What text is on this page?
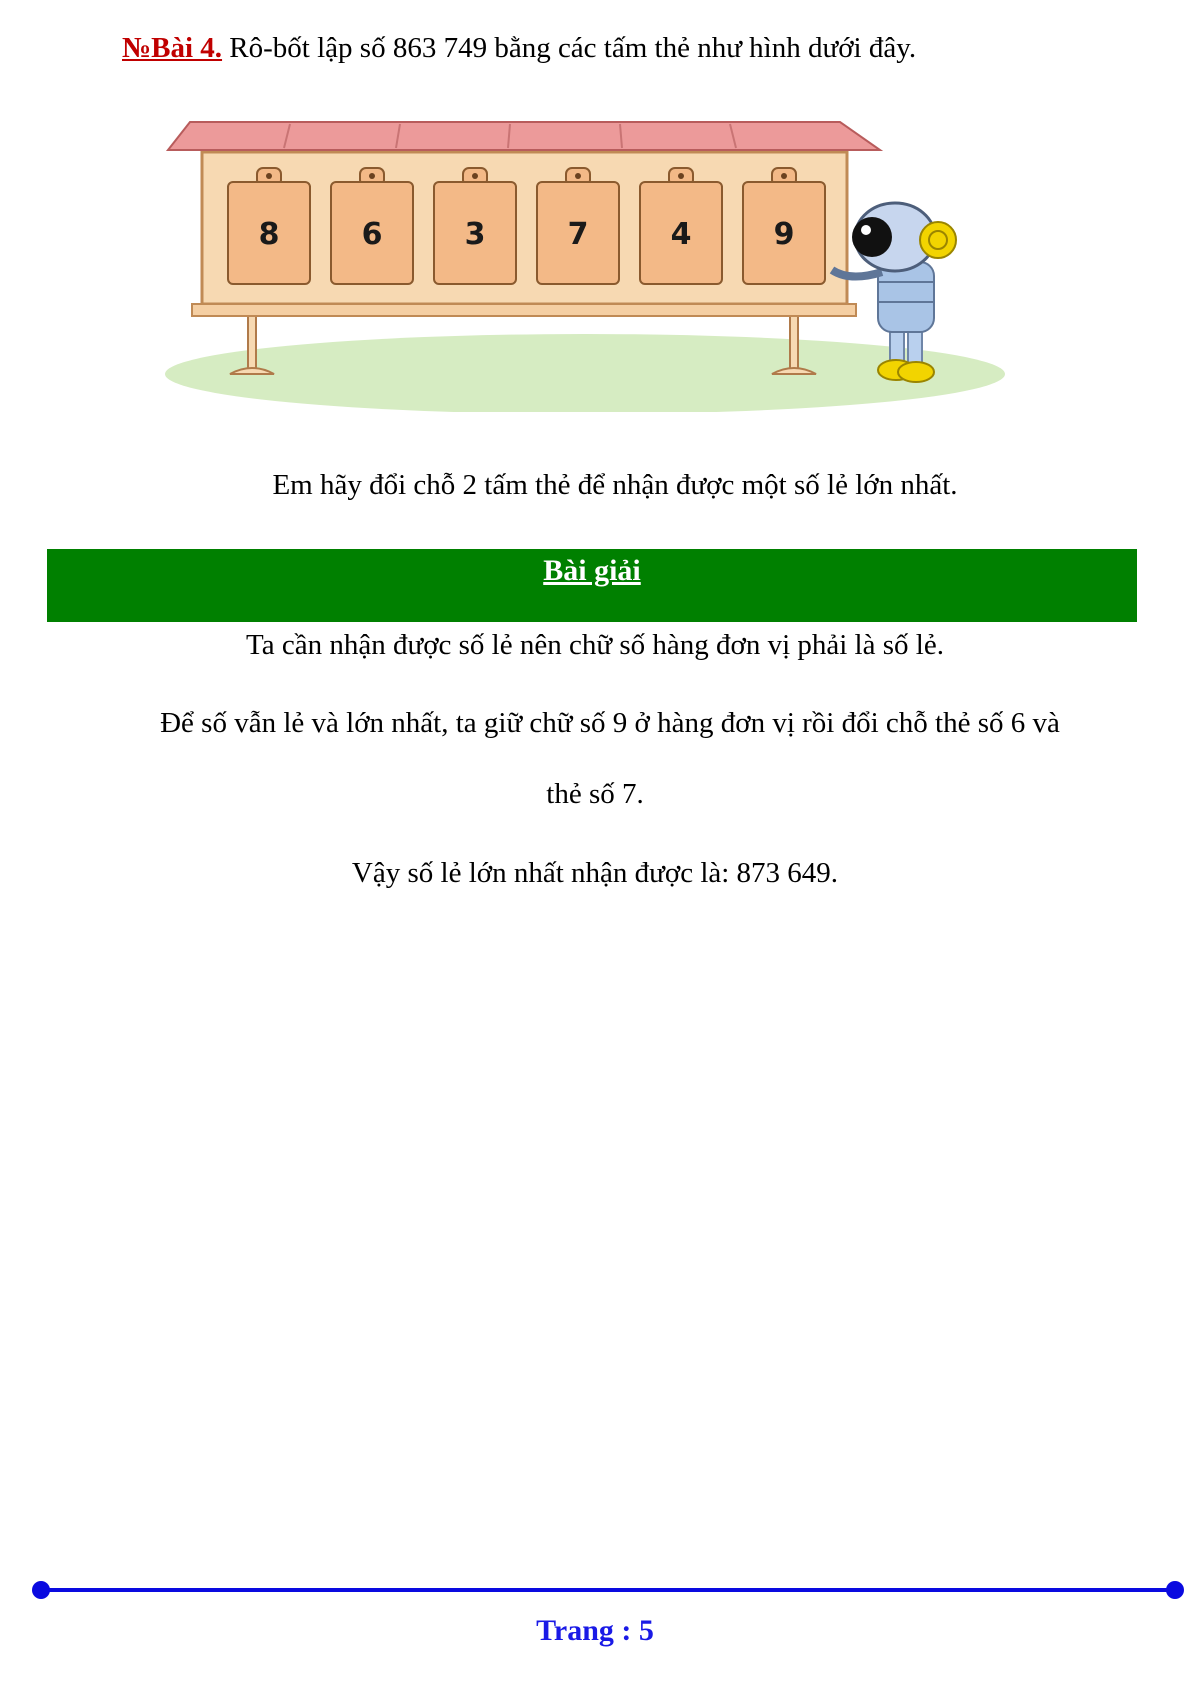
№Bài 4. Rô-bốt lập số 863 749 bằng các tấm thẻ như hình dưới đây.
8	6	3	7	4	9
Em hãy đổi chỗ 2 tấm thẻ để nhận được một số lẻ lớn nhất.
Bài giải
Ta cần nhận được số lẻ nên chữ số hàng đơn vị phải là số lẻ.
Để số vẫn lẻ và lớn nhất, ta giữ chữ số 9 ở hàng đơn vị rồi đổi chỗ thẻ số 6 và
thẻ số 7.
Vậy số lẻ lớn nhất nhận được là: 873 649.
Trang : 5
